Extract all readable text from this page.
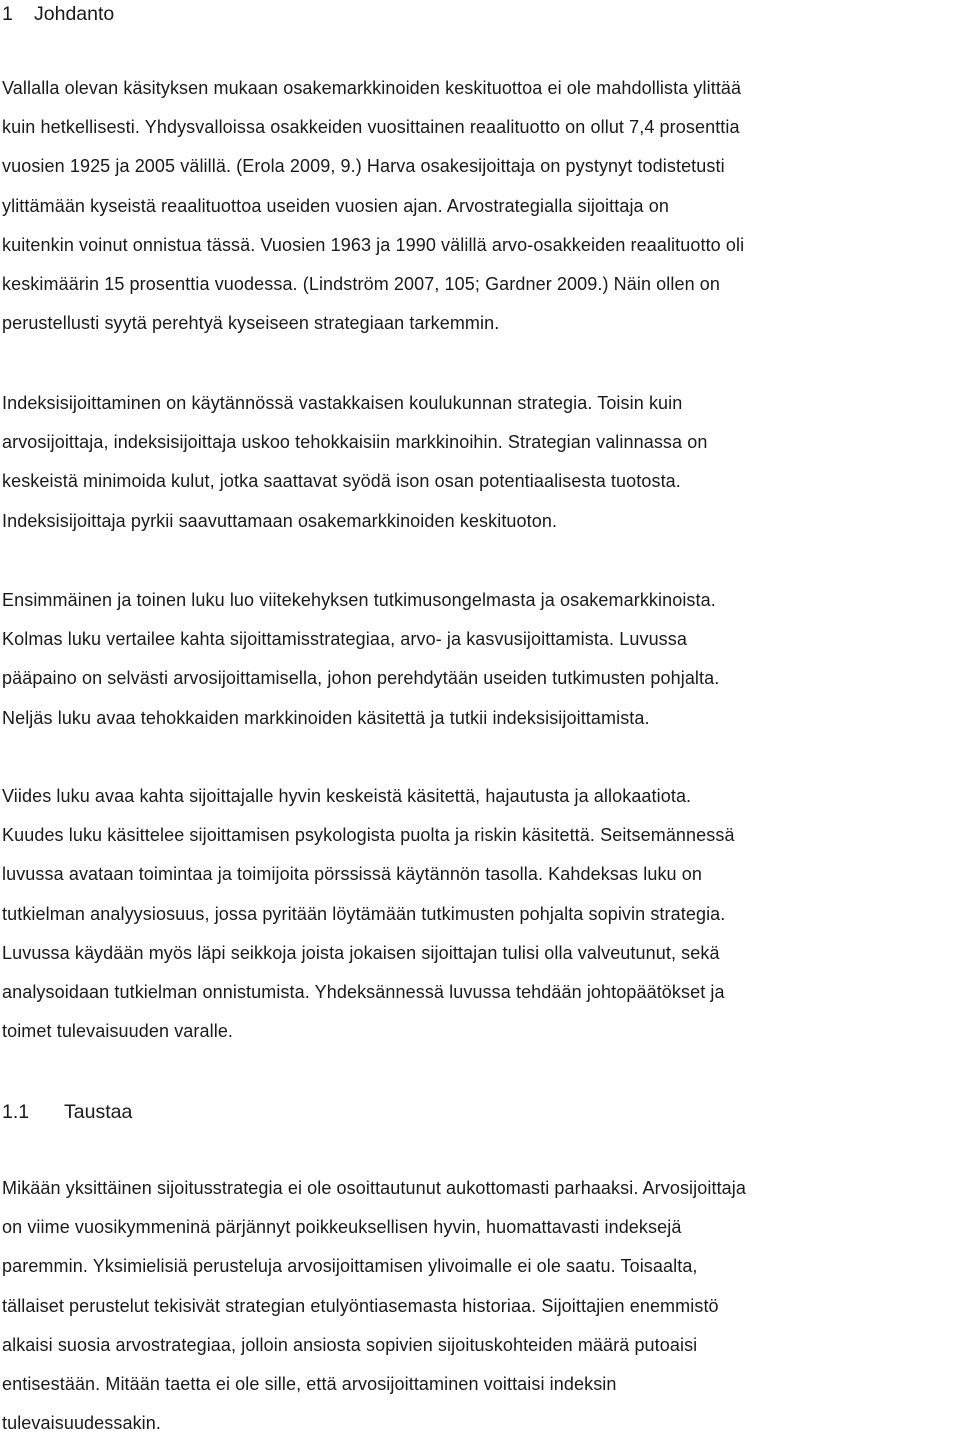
1 Johdanto
Vallalla olevan käsityksen mukaan osakemarkkinoiden keskituottoa ei ole mahdollista ylittää
kuin hetkellisesti. Yhdysvalloissa osakkeiden vuosittainen reaalituotto on ollut 7,4 prosenttia
vuosien 1925 ja 2005 välillä. (Erola 2009, 9.) Harva osakesijoittaja on pystynyt todistetusti
ylittämään kyseistä reaalituottoa useiden vuosien ajan. Arvostrategialla sijoittaja on
kuitenkin voinut onnistua tässä. Vuosien 1963 ja 1990 välillä arvo-osakkeiden reaalituotto oli
keskimäärin 15 prosenttia vuodessa. (Lindström 2007, 105; Gardner 2009.) Näin ollen on
perustellusti syytä perehtyä kyseiseen strategiaan tarkemmin.
Indeksisijoittaminen on käytännössä vastakkaisen koulukunnan strategia. Toisin kuin
arvosijoittaja, indeksisijoittaja uskoo tehokkaisiin markkinoihin. Strategian valinnassa on
keskeistä minimoida kulut, jotka saattavat syödä ison osan potentiaalisesta tuotosta.
Indeksisijoittaja pyrkii saavuttamaan osakemarkkinoiden keskituoton.
Ensimmäinen ja toinen luku luo viitekehyksen tutkimusongelmasta ja osakemarkkinoista.
Kolmas luku vertailee kahta sijoittamisstrategiaa, arvo- ja kasvusijoittamista. Luvussa
pääpaino on selvästi arvosijoittamisella, johon perehdytään useiden tutkimusten pohjalta.
Neljäs luku avaa tehokkaiden markkinoiden käsitettä ja tutkii indeksisijoittamista.
Viides luku avaa kahta sijoittajalle hyvin keskeistä käsitettä, hajautusta ja allokaatiota.
Kuudes luku käsittelee sijoittamisen psykologista puolta ja riskin käsitettä. Seitsemännessä
luvussa avataan toimintaa ja toimijoita pörssissä käytännön tasolla. Kahdeksas luku on
tutkielman analyysiosuus, jossa pyritään löytämään tutkimusten pohjalta sopivin strategia.
Luvussa käydään myös läpi seikkoja joista jokaisen sijoittajan tulisi olla valveutunut, sekä
analysoidaan tutkielman onnistumista. Yhdeksännessä luvussa tehdään johtopäätökset ja
toimet tulevaisuuden varalle.
1.1 Taustaa
Mikään yksittäinen sijoitusstrategia ei ole osoittautunut aukottomasti parhaaksi. Arvosijoittaja
on viime vuosikymmeninä pärjännyt poikkeuksellisen hyvin, huomattavasti indeksejä
paremmin. Yksimielisiä perusteluja arvosijoittamisen ylivoimalle ei ole saatu. Toisaalta,
tällaiset perustelut tekisivät strategian etulyöntiasemasta historiaa. Sijoittajien enemmistö
alkaisi suosia arvostrategiaa, jolloin ansiosta sopivien sijoituskohteiden määrä putoaisi
entisestään. Mitään taetta ei ole sille, että arvosijoittaminen voittaisi indeksin
tulevaisuudessakin.
